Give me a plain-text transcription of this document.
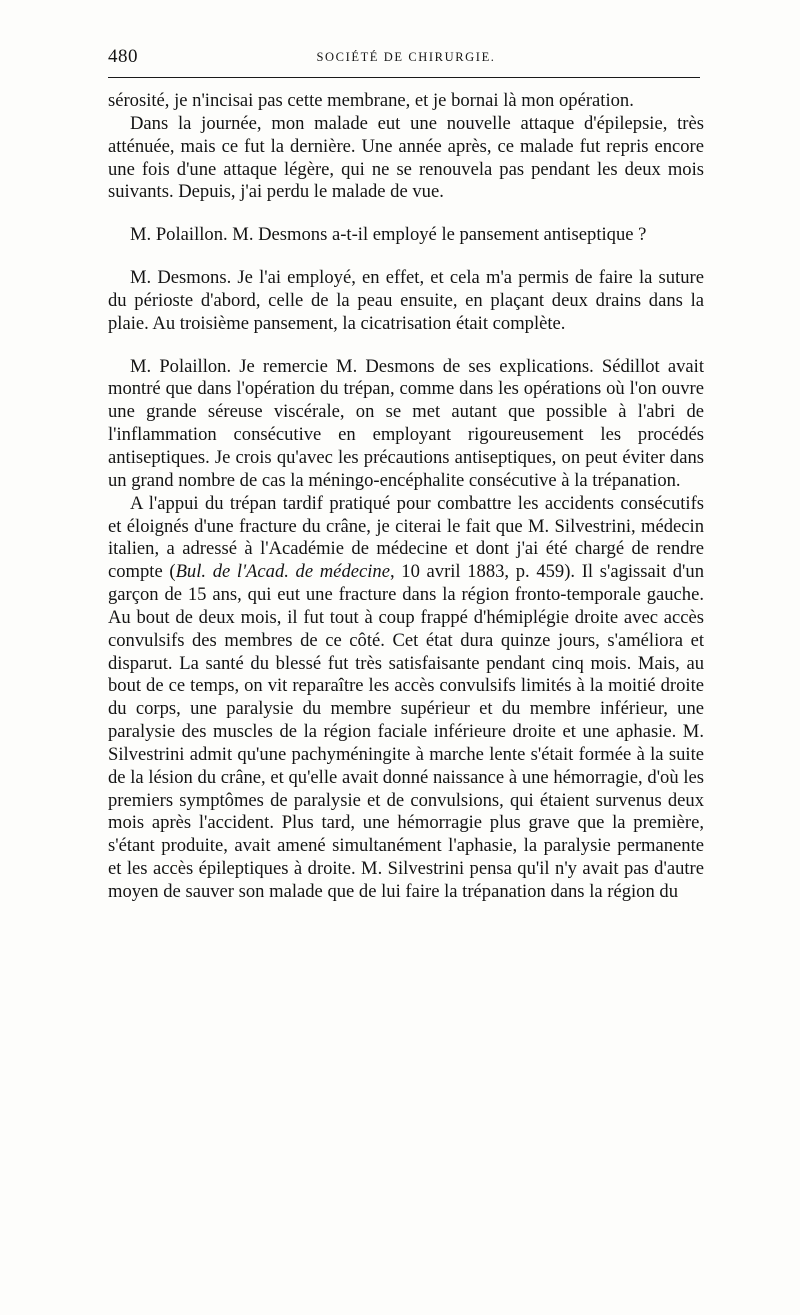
480	SOCIÉTÉ DE CHIRURGIE.

sérosité, je n'incisai pas cette membrane, et je bornai là mon opération.

Dans la journée, mon malade eut une nouvelle attaque d'épilepsie, très atténuée, mais ce fut la dernière. Une année après, ce malade fut repris encore une fois d'une attaque légère, qui ne se renouvela pas pendant les deux mois suivants. Depuis, j'ai perdu le malade de vue.

M. Polaillon. M. Desmons a-t-il employé le pansement antiseptique ?

M. Desmons. Je l'ai employé, en effet, et cela m'a permis de faire la suture du périoste d'abord, celle de la peau ensuite, en plaçant deux drains dans la plaie. Au troisième pansement, la cicatrisation était complète.

M. Polaillon. Je remercie M. Desmons de ses explications. Sédillot avait montré que dans l'opération du trépan, comme dans les opérations où l'on ouvre une grande séreuse viscérale, on se met autant que possible à l'abri de l'inflammation consécutive en employant rigoureusement les procédés antiseptiques. Je crois qu'avec les précautions antiseptiques, on peut éviter dans un grand nombre de cas la méningo-encéphalite consécutive à la trépanation.

A l'appui du trépan tardif pratiqué pour combattre les accidents consécutifs et éloignés d'une fracture du crâne, je citerai le fait que M. Silvestrini, médecin italien, a adressé à l'Académie de médecine et dont j'ai été chargé de rendre compte (Bul. de l'Acad. de médecine, 10 avril 1883, p. 459). Il s'agissait d'un garçon de 15 ans, qui eut une fracture dans la région fronto-temporale gauche. Au bout de deux mois, il fut tout à coup frappé d'hémiplégie droite avec accès convulsifs des membres de ce côté. Cet état dura quinze jours, s'améliora et disparut. La santé du blessé fut très satisfaisante pendant cinq mois. Mais, au bout de ce temps, on vit reparaître les accès convulsifs limités à la moitié droite du corps, une paralysie du membre supérieur et du membre inférieur, une paralysie des muscles de la région faciale inférieure droite et une aphasie. M. Silvestrini admit qu'une pachyméningite à marche lente s'était formée à la suite de la lésion du crâne, et qu'elle avait donné naissance à une hémorragie, d'où les premiers symptômes de paralysie et de convulsions, qui étaient survenus deux mois après l'accident. Plus tard, une hémorragie plus grave que la première, s'étant produite, avait amené simultanément l'aphasie, la paralysie permanente et les accès épileptiques à droite. M. Silvestrini pensa qu'il n'y avait pas d'autre moyen de sauver son malade que de lui faire la trépanation dans la région du
